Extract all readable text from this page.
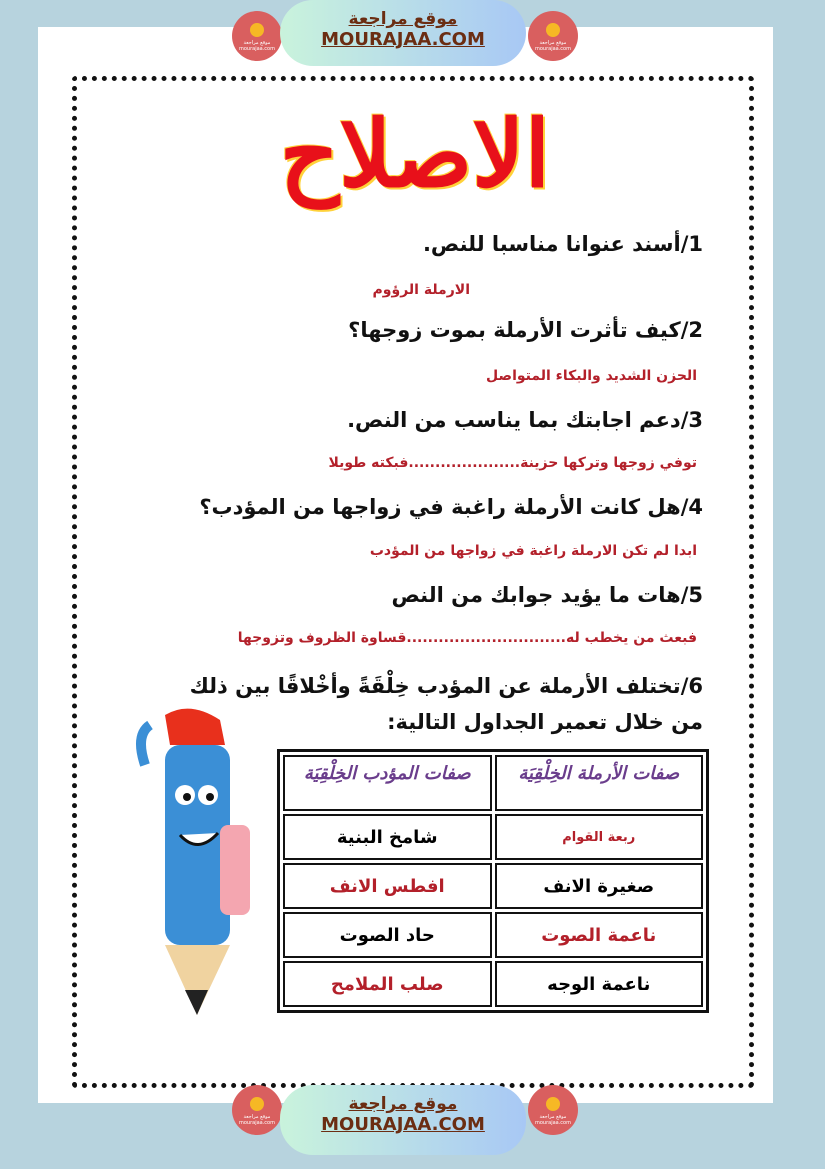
موقع مراجعة
mourajaa.com
موقع مراجعة
MOURAJAA.COM	موقع مراجعة
mourajaa.com
الاصلاح
1/أسند عنوانا مناسبا للنص.
الارملة الرؤوم
2/كيف تأثرت الأرملة بموت زوجها؟
الحزن الشديد والبكاء المتواصل
3/دعم اجابتك بما يناسب من النص.
توفي زوجها وتركها حزينة.....................فبكته طويلا
4/هل كانت الأرملة راغبة في زواجها من المؤدب؟
ابدا لم تكن الارملة راغبة في زواجها من المؤدب
5/هات ما يؤيد جوابك من النص
فبعث من يخطب له..............................قساوة الظروف وتزوجها
6/تختلف الأرملة عن المؤدب خِلْقَةً وأخْلاقًا بين ذلك من خلال تعمير الجداول التالية:
صفات الأرملة الخِلْقِيَة	صفات المؤدب الخِلْقِيَة
ربعة القوام	شامخ البنية
صغيرة الانف	افطس الانف
ناعمة الصوت	حاد الصوت
ناعمة الوجه	صلب الملامح
موقع مراجعة
mourajaa.com
موقع مراجعة
MOURAJAA.COM	موقع مراجعة
mourajaa.com
